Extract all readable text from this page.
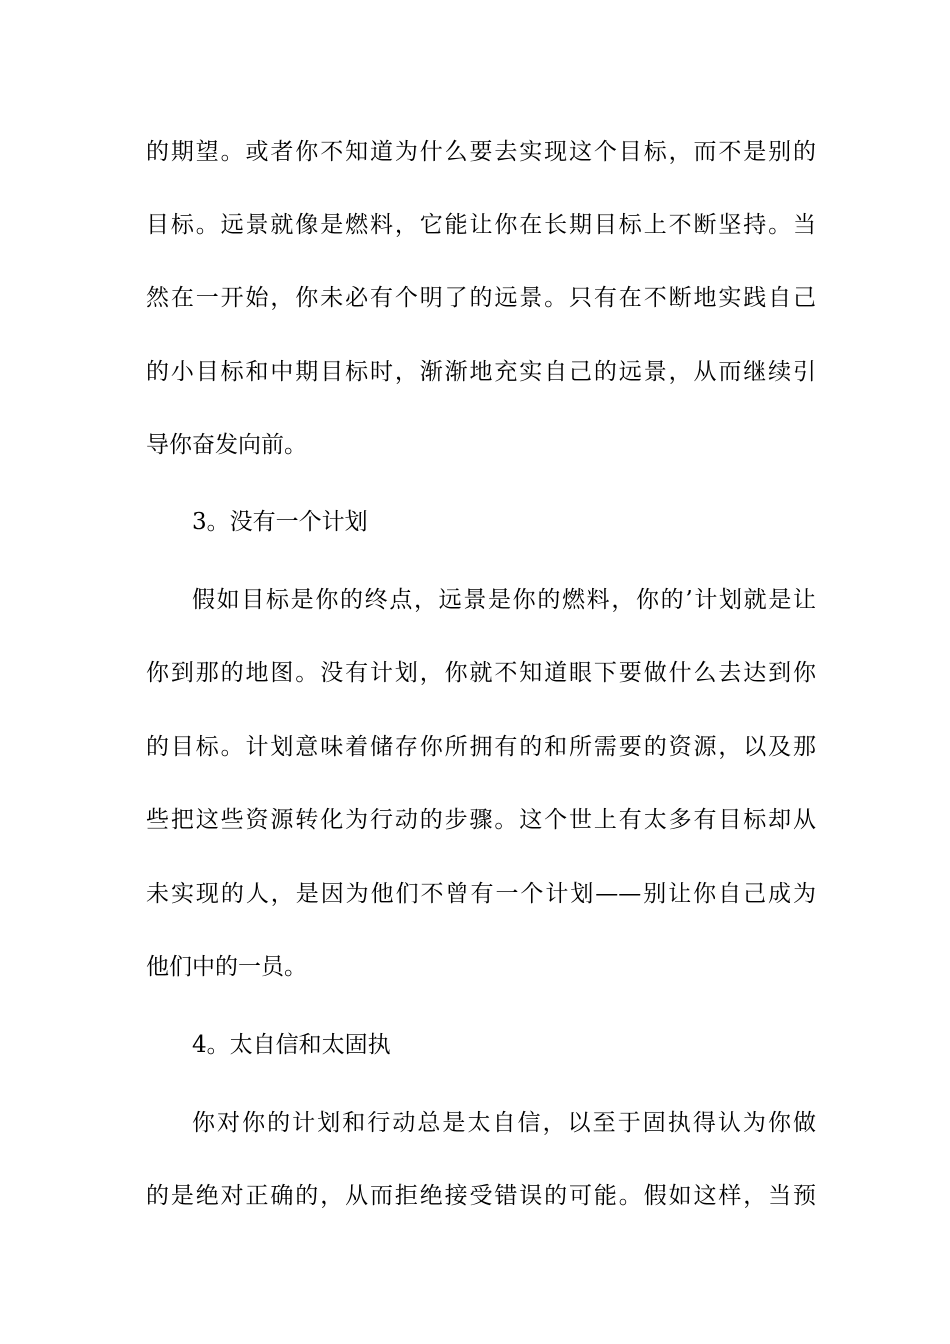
的期望。或者你不知道为什么要去实现这个目标，而不是别的
目标。远景就像是燃料，它能让你在长期目标上不断坚持。当
然在一开始，你未必有个明了的远景。只有在不断地实践自己
的小目标和中期目标时，渐渐地充实自己的远景，从而继续引
导你奋发向前。
3。没有一个计划
假如目标是你的终点，远景是你的燃料，你的’计划就是让
你到那的地图。没有计划，你就不知道眼下要做什么去达到你
的目标。计划意味着储存你所拥有的和所需要的资源，以及那
些把这些资源转化为行动的步骤。这个世上有太多有目标却从
未实现的人，是因为他们不曾有一个计划——别让你自己成为
他们中的一员。
4。太自信和太固执
你对你的计划和行动总是太自信，以至于固执得认为你做
的是绝对正确的，从而拒绝接受错误的可能。假如这样，当预
